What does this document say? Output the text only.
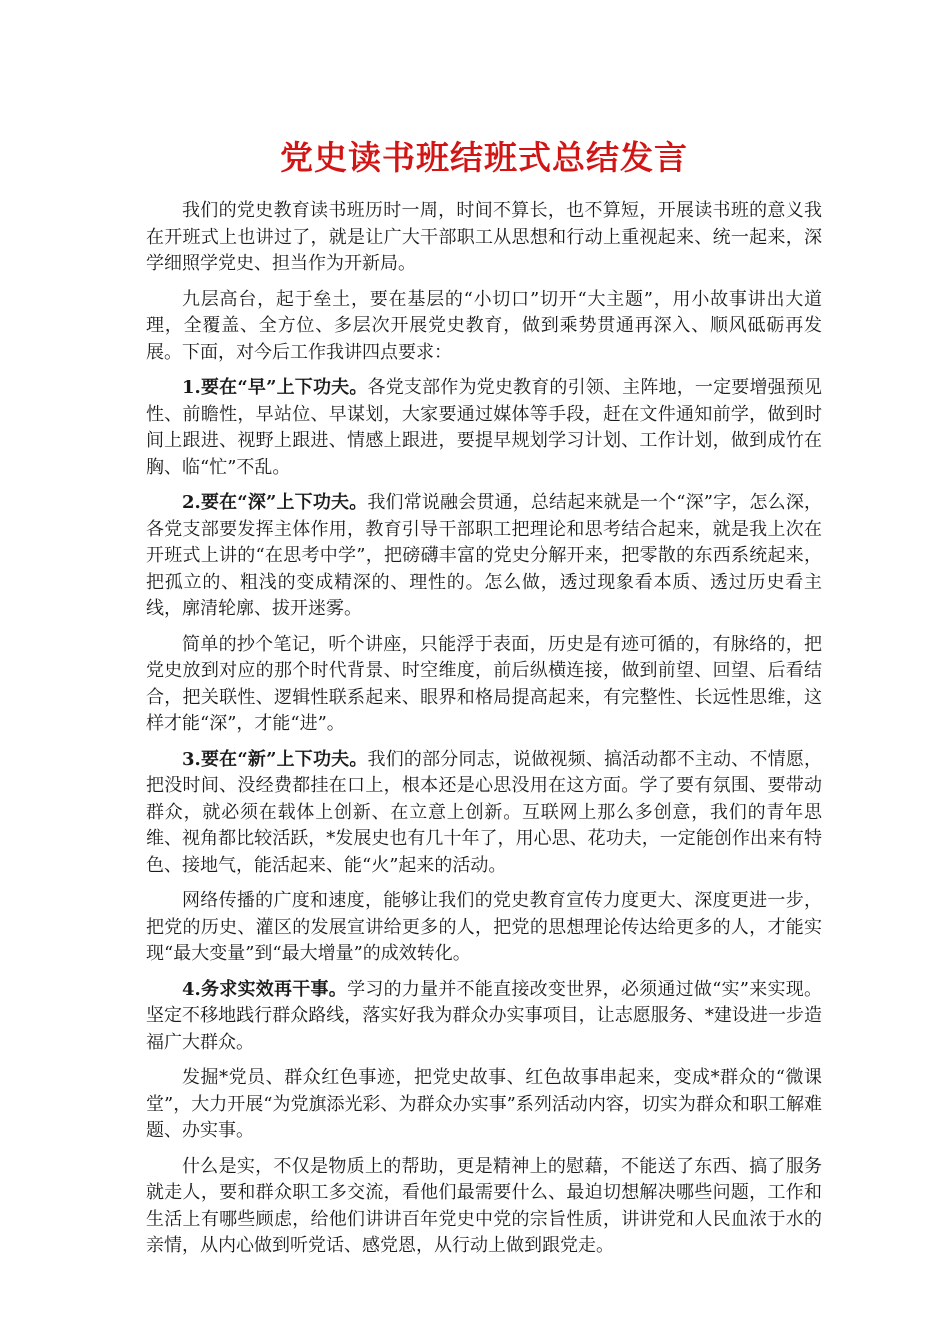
党史读书班结班式总结发言

我们的党史教育读书班历时一周，时间不算长，也不算短，开展读书班的意义我在开班式上也讲过了，就是让广大干部职工从思想和行动上重视起来、统一起来，深学细照学党史、担当作为开新局。

九层高台，起于垒土，要在基层的“小切口”切开“大主题”，用小故事讲出大道理，全覆盖、全方位、多层次开展党史教育，做到乘势贯通再深入、顺风砥砺再发展。下面，对今后工作我讲四点要求：

1.要在“早”上下功夫。各党支部作为党史教育的引领、主阵地，一定要增强预见性、前瞻性，早站位、早谋划，大家要通过媒体等手段，赶在文件通知前学，做到时间上跟进、视野上跟进、情感上跟进，要提早规划学习计划、工作计划，做到成竹在胸、临“忙”不乱。

2.要在“深”上下功夫。我们常说融会贯通，总结起来就是一个“深”字，怎么深，各党支部要发挥主体作用，教育引导干部职工把理论和思考结合起来，就是我上次在开班式上讲的“在思考中学”，把磅礴丰富的党史分解开来，把零散的东西系统起来，把孤立的、粗浅的变成精深的、理性的。怎么做，透过现象看本质、透过历史看主线，廓清轮廓、拔开迷雾。

简单的抄个笔记，听个讲座，只能浮于表面，历史是有迹可循的，有脉络的，把党史放到对应的那个时代背景、时空维度，前后纵横连接，做到前望、回望、后看结合，把关联性、逻辑性联系起来、眼界和格局提高起来，有完整性、长远性思维，这样才能“深”，才能“进”。

3.要在“新”上下功夫。我们的部分同志，说做视频、搞活动都不主动、不情愿，把没时间、没经费都挂在口上，根本还是心思没用在这方面。学了要有氛围、要带动群众，就必须在载体上创新、在立意上创新。互联网上那么多创意，我们的青年思维、视角都比较活跃，*发展史也有几十年了，用心思、花功夫，一定能创作出来有特色、接地气，能活起来、能“火”起来的活动。

网络传播的广度和速度，能够让我们的党史教育宣传力度更大、深度更进一步，把党的历史、灌区的发展宣讲给更多的人，把党的思想理论传达给更多的人，才能实现“最大变量”到“最大增量”的成效转化。

4.务求实效再干事。学习的力量并不能直接改变世界，必须通过做“实”来实现。坚定不移地践行群众路线，落实好我为群众办实事项目，让志愿服务、*建设进一步造福广大群众。

发掘*党员、群众红色事迹，把党史故事、红色故事串起来，变成*群众的“微课堂”，大力开展“为党旗添光彩、为群众办实事”系列活动内容，切实为群众和职工解难题、办实事。

什么是实，不仅是物质上的帮助，更是精神上的慰藉，不能送了东西、搞了服务就走人，要和群众职工多交流，看他们最需要什么、最迫切想解决哪些问题，工作和生活上有哪些顾虑，给他们讲讲百年党史中党的宗旨性质，讲讲党和人民血浓于水的亲情，从内心做到听党话、感党恩，从行动上做到跟党走。
